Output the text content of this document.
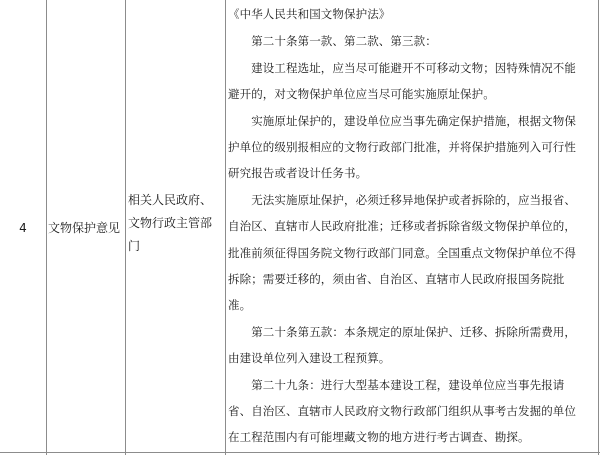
4 文物保护意见
相关人民政府、
文物行政主管部
门
《中华人民共和国文物保护法》
　　第二十条第一款、第二款、第三款：
　　建设工程选址，应当尽可能避开不可移动文物；因特殊情况不能
避开的，对文物保护单位应当尽可能实施原址保护。
　　实施原址保护的，建设单位应当事先确定保护措施，根据文物保
护单位的级别报相应的文物行政部门批准，并将保护措施列入可行性
研究报告或者设计任务书。
　　无法实施原址保护，必须迁移异地保护或者拆除的，应当报省、
自治区、直辖市人民政府批准；迁移或者拆除省级文物保护单位的，
批准前须征得国务院文物行政部门同意。全国重点文物保护单位不得
拆除；需要迁移的，须由省、自治区、直辖市人民政府报国务院批
准。
　　第二十条第五款：本条规定的原址保护、迁移、拆除所需费用，
由建设单位列入建设工程预算。
　　第二十九条：进行大型基本建设工程，建设单位应当事先报请
省、自治区、直辖市人民政府文物行政部门组织从事考古发掘的单位
在工程范围内有可能埋藏文物的地方进行考古调查、勘探。
